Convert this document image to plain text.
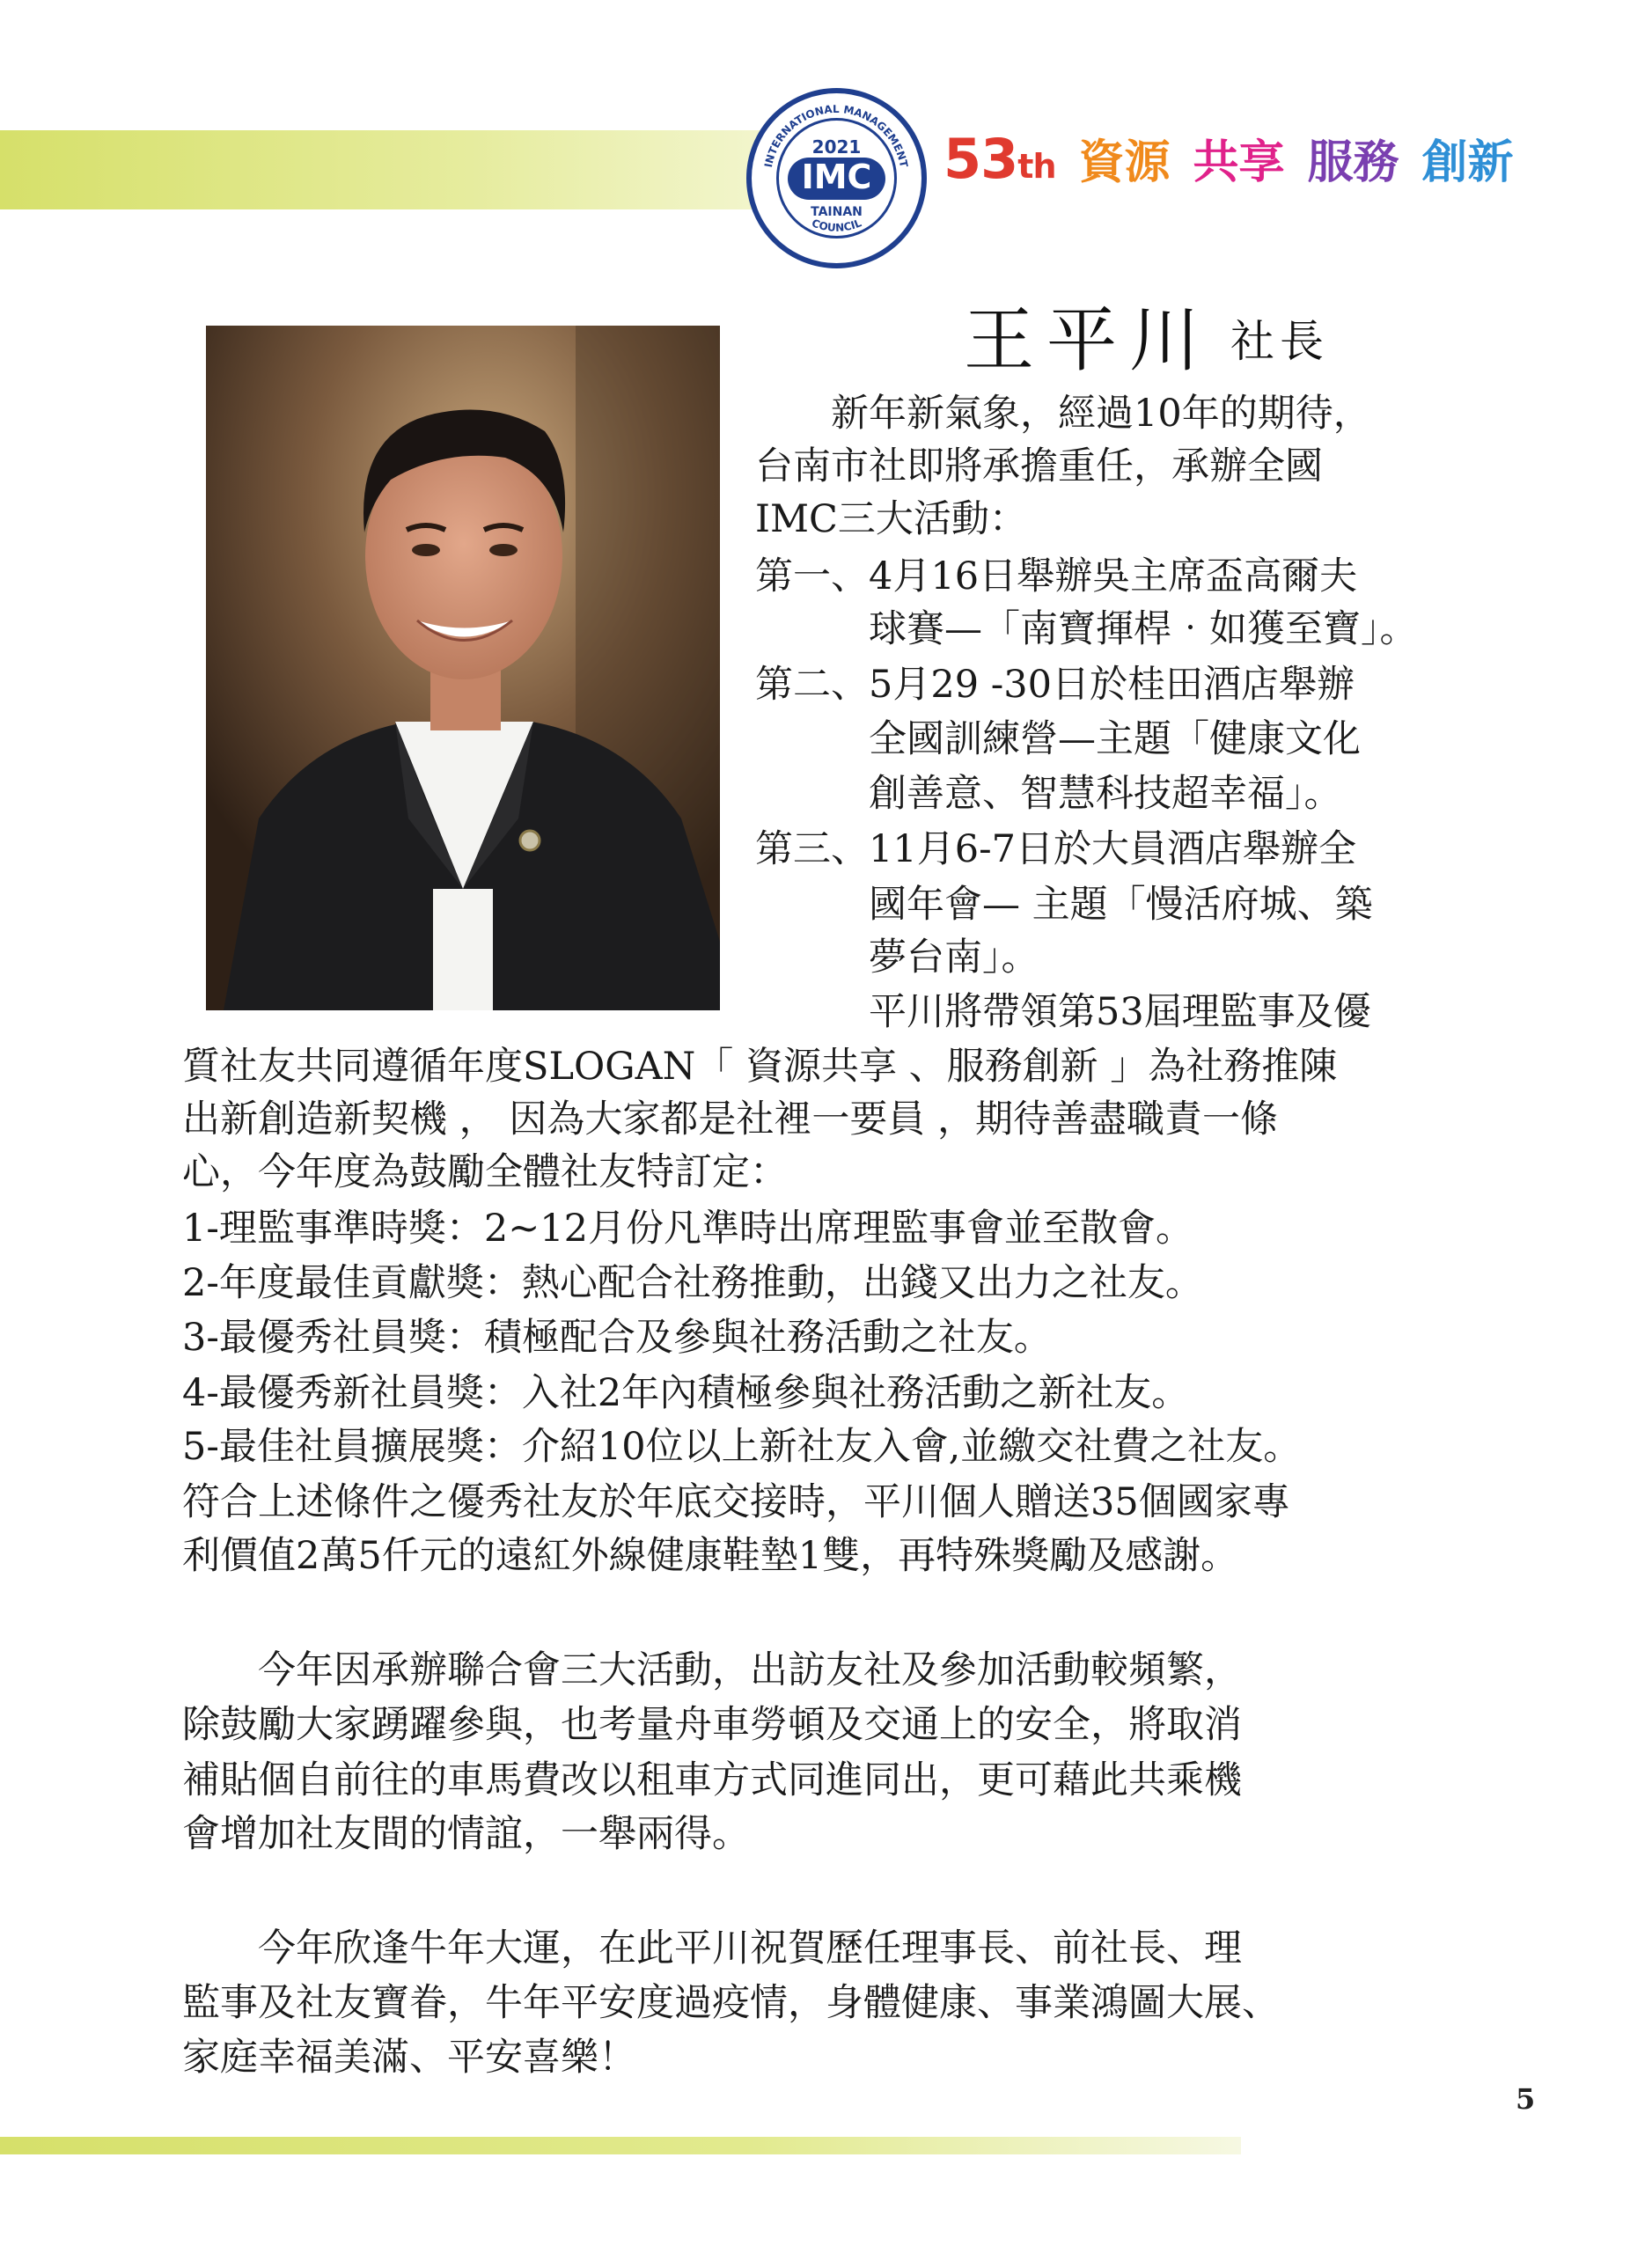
INTERNATIONAL MANAGEMENT
COUNCIL
2021
IMC
TAINAN
53th 資源 共享 服務 創新
王平川 社長
　　新年新氣象，經過10年的期待，
台南市社即將承擔重任，承辦全國
IMC三大活動：
第一、4月16日舉辦吳主席盃高爾夫
　　　球賽—「南寶揮桿‧如獲至寶」。
第二、5月29 -30日於桂田酒店舉辦
　　　全國訓練營—主題「健康文化
　　　創善意、智慧科技超幸福」。
第三、11月6-7日於大員酒店舉辦全
　　　國年會— 主題「慢活府城、築
　　　夢台南」。
　　　平川將帶領第53屆理監事及優
質社友共同遵循年度SLOGAN「 資源共享 、服務創新 」為社務推陳
出新創造新契機 ， 因為大家都是社裡一要員 ，期待善盡職責一條
心，今年度為鼓勵全體社友特訂定：
1-理監事準時獎：2~12月份凡準時出席理監事會並至散會。
2-年度最佳貢獻獎：熱心配合社務推動，出錢又出力之社友。
3-最優秀社員獎：積極配合及參與社務活動之社友。
4-最優秀新社員獎：入社2年內積極參與社務活動之新社友。
5-最佳社員擴展獎：介紹10位以上新社友入會,並繳交社費之社友。
符合上述條件之優秀社友於年底交接時，平川個人贈送35個國家專
利價值2萬5仟元的遠紅外線健康鞋墊1雙，再特殊獎勵及感謝。
　　今年因承辦聯合會三大活動，出訪友社及參加活動較頻繁，
除鼓勵大家踴躍參與，也考量舟車勞頓及交通上的安全，將取消
補貼個自前往的車馬費改以租車方式同進同出，更可藉此共乘機
會增加社友間的情誼，一舉兩得。
　　今年欣逢牛年大運，在此平川祝賀歷任理事長、前社長、理
監事及社友寶眷，牛年平安度過疫情，身體健康、事業鴻圖大展、
家庭幸福美滿、平安喜樂！
5
